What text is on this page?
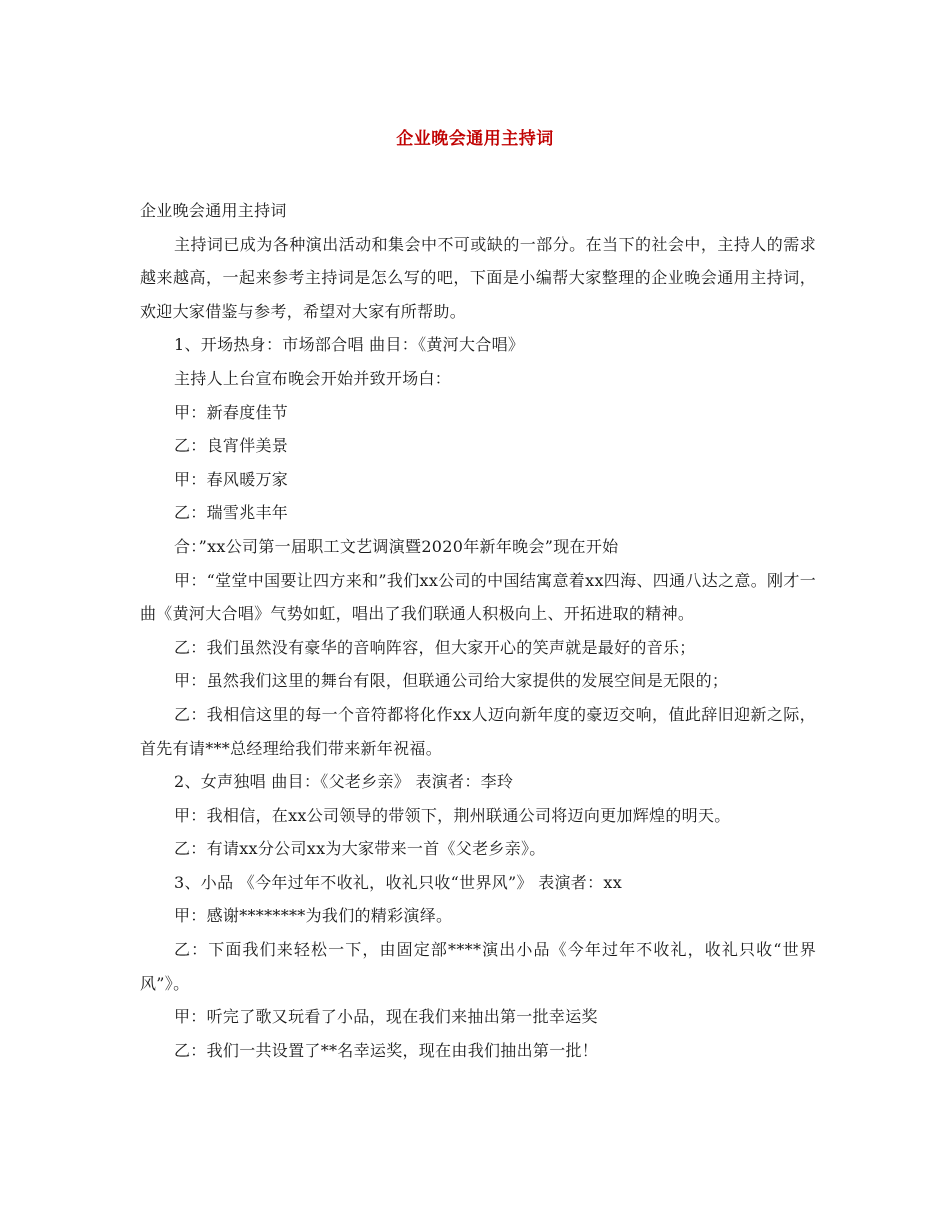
企业晚会通用主持词

企业晚会通用主持词

主持词已成为各种演出活动和集会中不可或缺的一部分。在当下的社会中，主持人的需求越来越高，一起来参考主持词是怎么写的吧，下面是小编帮大家整理的企业晚会通用主持词，欢迎大家借鉴与参考，希望对大家有所帮助。

1、开场热身：市场部合唱 曲目：《黄河大合唱》

主持人上台宣布晚会开始并致开场白：

甲：新春度佳节

乙：良宵伴美景

甲：春风暖万家

乙：瑞雪兆丰年

合：”xx公司第一届职工文艺调演暨2020年新年晚会”现在开始

甲：“堂堂中国要让四方来和”我们xx公司的中国结寓意着xx四海、四通八达之意。刚才一曲《黄河大合唱》气势如虹，唱出了我们联通人积极向上、开拓进取的精神。

乙：我们虽然没有豪华的音响阵容，但大家开心的笑声就是最好的音乐；

甲：虽然我们这里的舞台有限，但联通公司给大家提供的发展空间是无限的；

乙：我相信这里的每一个音符都将化作xx人迈向新年度的豪迈交响，值此辞旧迎新之际，首先有请***总经理给我们带来新年祝福。

2、女声独唱 曲目：《父老乡亲》 表演者：李玲

甲：我相信，在xx公司领导的带领下，荆州联通公司将迈向更加辉煌的明天。

乙：有请xx分公司xx为大家带来一首《父老乡亲》。

3、小品 《今年过年不收礼，收礼只收“世界风”》 表演者：xx

甲：感谢********为我们的精彩演绎。

乙：下面我们来轻松一下，由固定部****演出小品《今年过年不收礼，收礼只收“世界风”》。

甲：听完了歌又玩看了小品，现在我们来抽出第一批幸运奖

乙：我们一共设置了**名幸运奖，现在由我们抽出第一批！
